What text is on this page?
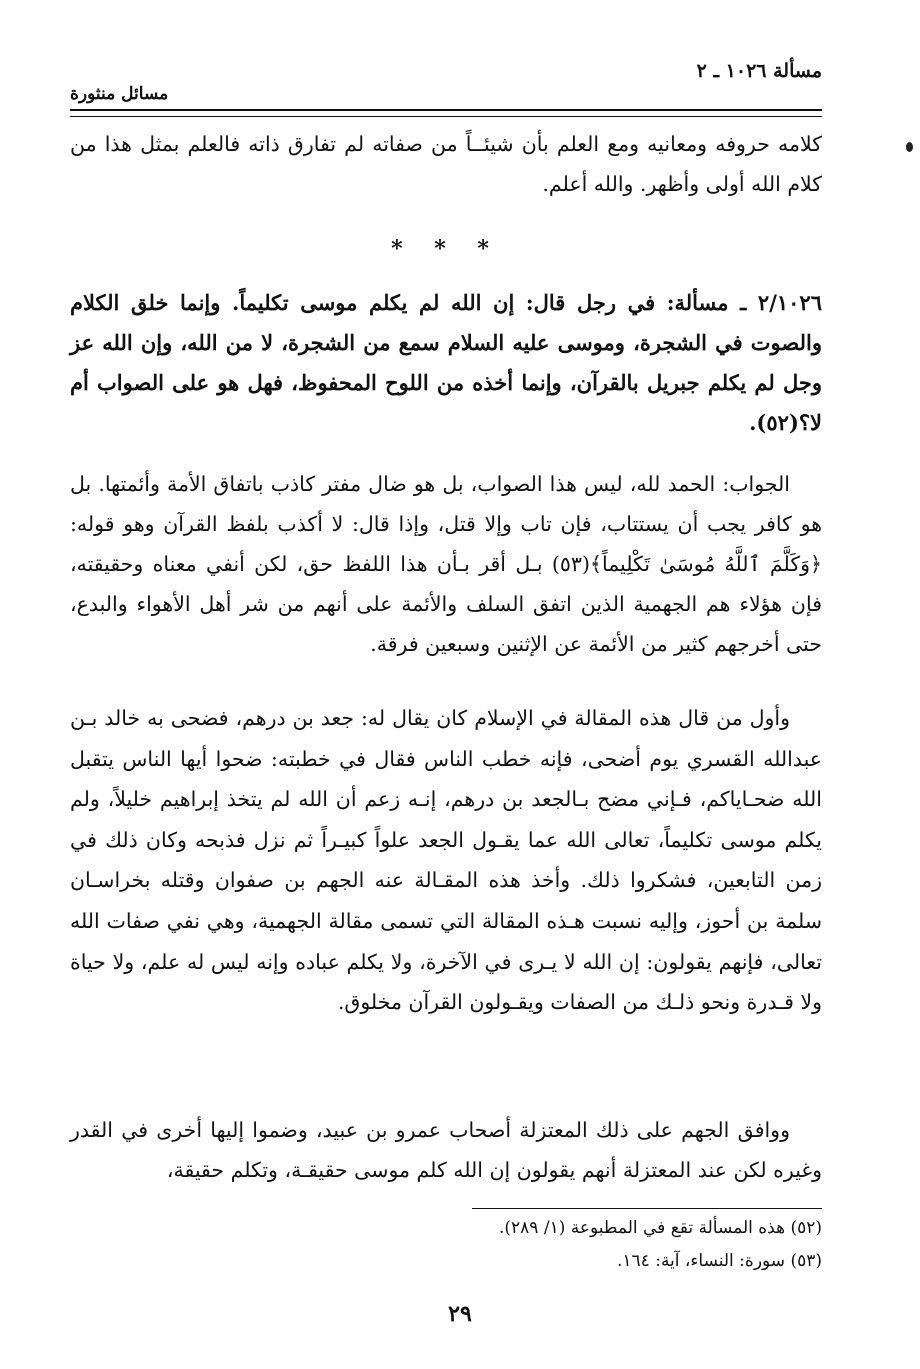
مسألة ١٠٢٦ ـ ٢
مسائل منثورة
كلامه حروفه ومعانيه ومع العلم بأن شيئــاً من صفاته لم تفارق ذاته فالعلم بمثل هذا من كلام الله أولى وأظهر. والله أعلم.
* * *
٢/١٠٢٦ ـ مسألة: في رجل قال: إن الله لم يكلم موسى تكليماً. وإنما خلق الكلام والصوت في الشجرة، وموسى عليه السلام سمع من الشجرة، لا من الله، وإن الله عز وجل لم يكلم جبريل بالقرآن، وإنما أخذه من اللوح المحفوظ، فهل هو على الصواب أم لا؟(٥٢).
الجواب: الحمد لله، ليس هذا الصواب، بل هو ضال مفتر كاذب باتفاق الأمة وأئمتها. بل هو كافر يجب أن يستتاب، فإن تاب وإلا قتل، وإذا قال: لا أكذب بلفظ القرآن وهو قوله: ﴿وَكَلَّمَ ٱللَّهُ مُوسَىٰ تَكْلِيماً﴾(٥٣) بـل أقر بـأن هذا اللفظ حق، لكن أنفي معناه وحقيقته، فإن هؤلاء هم الجهمية الذين اتفق السلف والأئمة على أنهم من شر أهل الأهواء والبدع، حتى أخرجهم كثير من الأئمة عن الإثنين وسبعين فرقة.
وأول من قال هذه المقالة في الإسلام كان يقال له: جعد بن درهم، فضحى به خالد بـن عبدالله القسري يوم أضحى، فإنه خطب الناس فقال في خطبته: ضحوا أيها الناس يتقبل الله ضحـاياكم، فـإني مضح بـالجعد بن درهم، إنـه زعم أن الله لم يتخذ إبراهيم خليلاً، ولم يكلم موسى تكليماً، تعالى الله عما يقـول الجعد علواً كبيـراً ثم نزل فذبحه وكان ذلك في زمن التابعين، فشكروا ذلك. وأخذ هذه المقـالة عنه الجهم بن صفوان وقتله بخراسـان سلمة بن أحوز، وإليه نسبت هـذه المقالة التي تسمى مقالة الجهمية، وهي نفي صفات الله تعالى، فإنهم يقولون: إن الله لا يـرى في الآخرة، ولا يكلم عباده وإنه ليس له علم، ولا حياة ولا قـدرة ونحو ذلـك من الصفات ويقـولون القرآن مخلوق.
ووافق الجهم على ذلك المعتزلة أصحاب عمرو بن عبيد، وضموا إليها أخرى في القدر وغيره لكن عند المعتزلة أنهم يقولون إن الله كلم موسى حقيقـة، وتكلم حقيقة،
(٥٢) هذه المسألة تقع في المطبوعة (١/ ٢٨٩).
(٥٣) سورة: النساء، آية: ١٦٤.
٢٩
